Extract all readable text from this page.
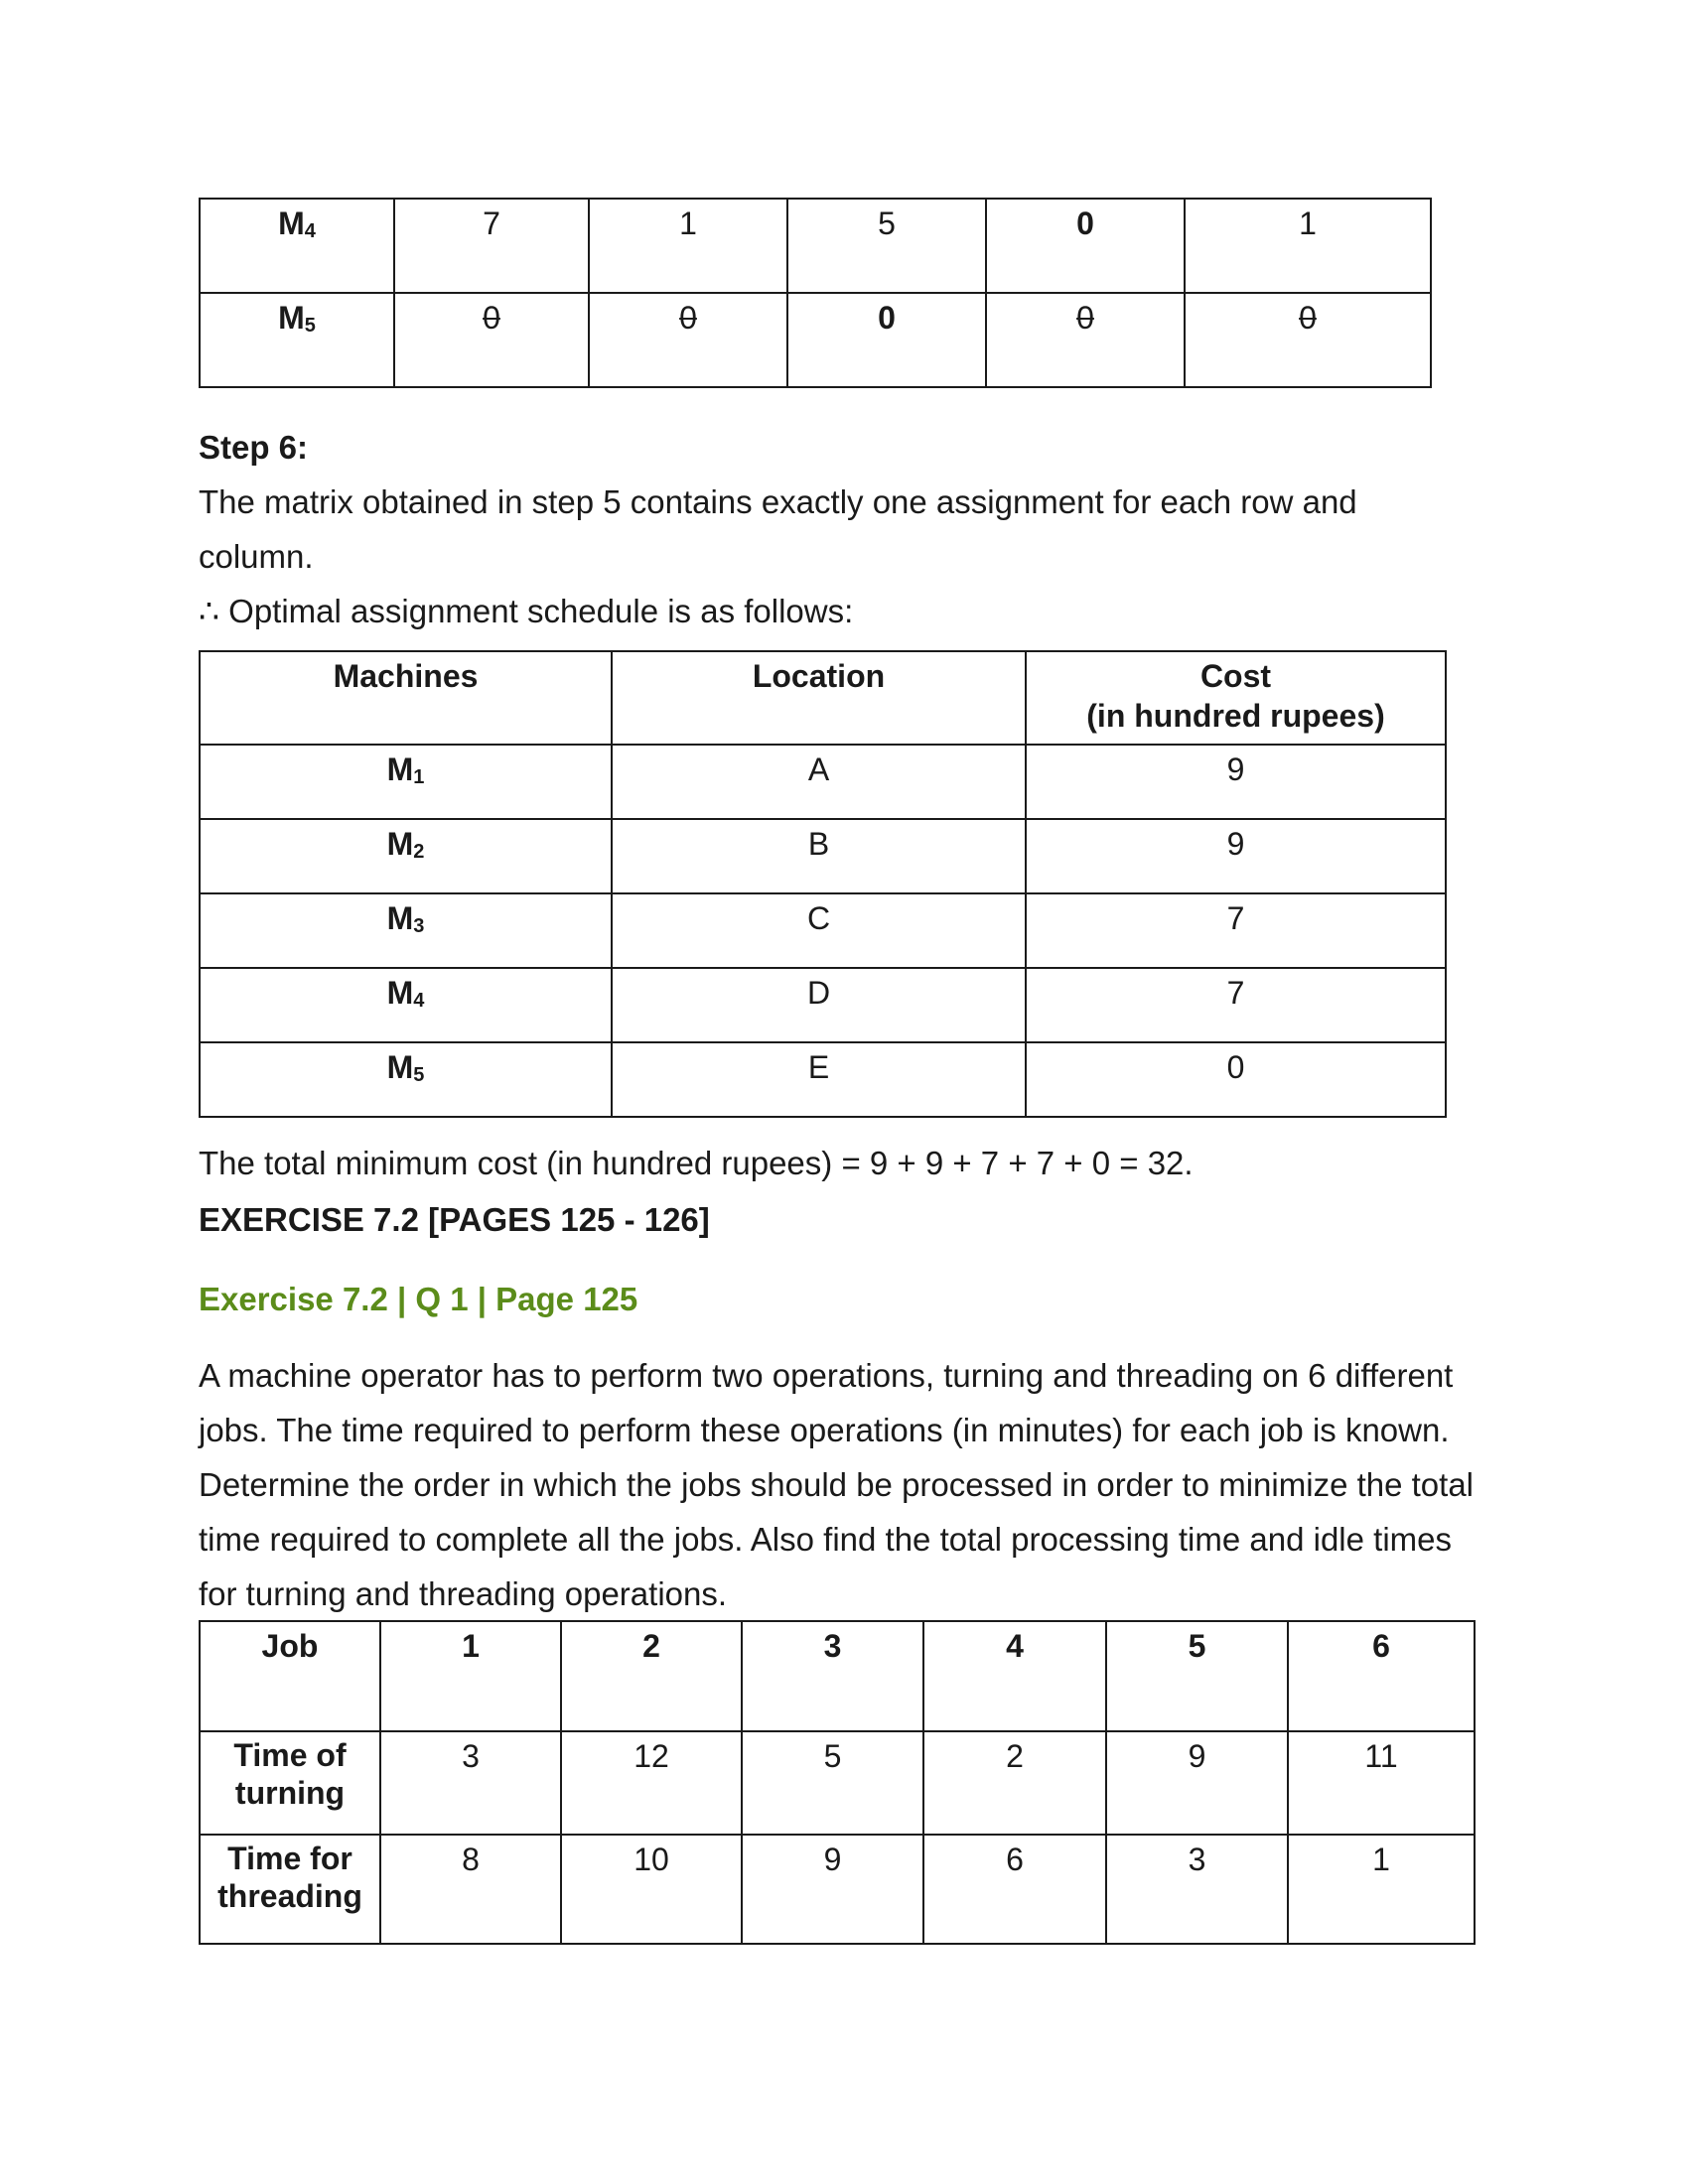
$M_4$	7	1	5	0	1
$M_5$	0	0	0	0	0

Step 6:

The matrix obtained in step 5 contains exactly one assignment for each row and

column.

∴ Optimal assignment schedule is as follows:

Machines	Location	Cost
(in hundred rupees)
$M_1$	A	9
$M_2$	B	9
$M_3$	C	7
$M_4$	D	7
$M_5$	E	0

The total minimum cost (in hundred rupees) = 9 + 9 + 7 + 7 + 0 = 32.

EXERCISE 7.2 [PAGES 125 - 126]

Exercise 7.2 | Q 1 | Page 125

A machine operator has to perform two operations, turning and threading on 6 different

jobs. The time required to perform these operations (in minutes) for each job is known.

Determine the order in which the jobs should be processed in order to minimize the total

time required to complete all the jobs. Also find the total processing time and idle times

for turning and threading operations.

Job	1	2	3	4	5	6
Time of
turning	3	12	5	2	9	11
Time for
threading	8	10	9	6	3	1
